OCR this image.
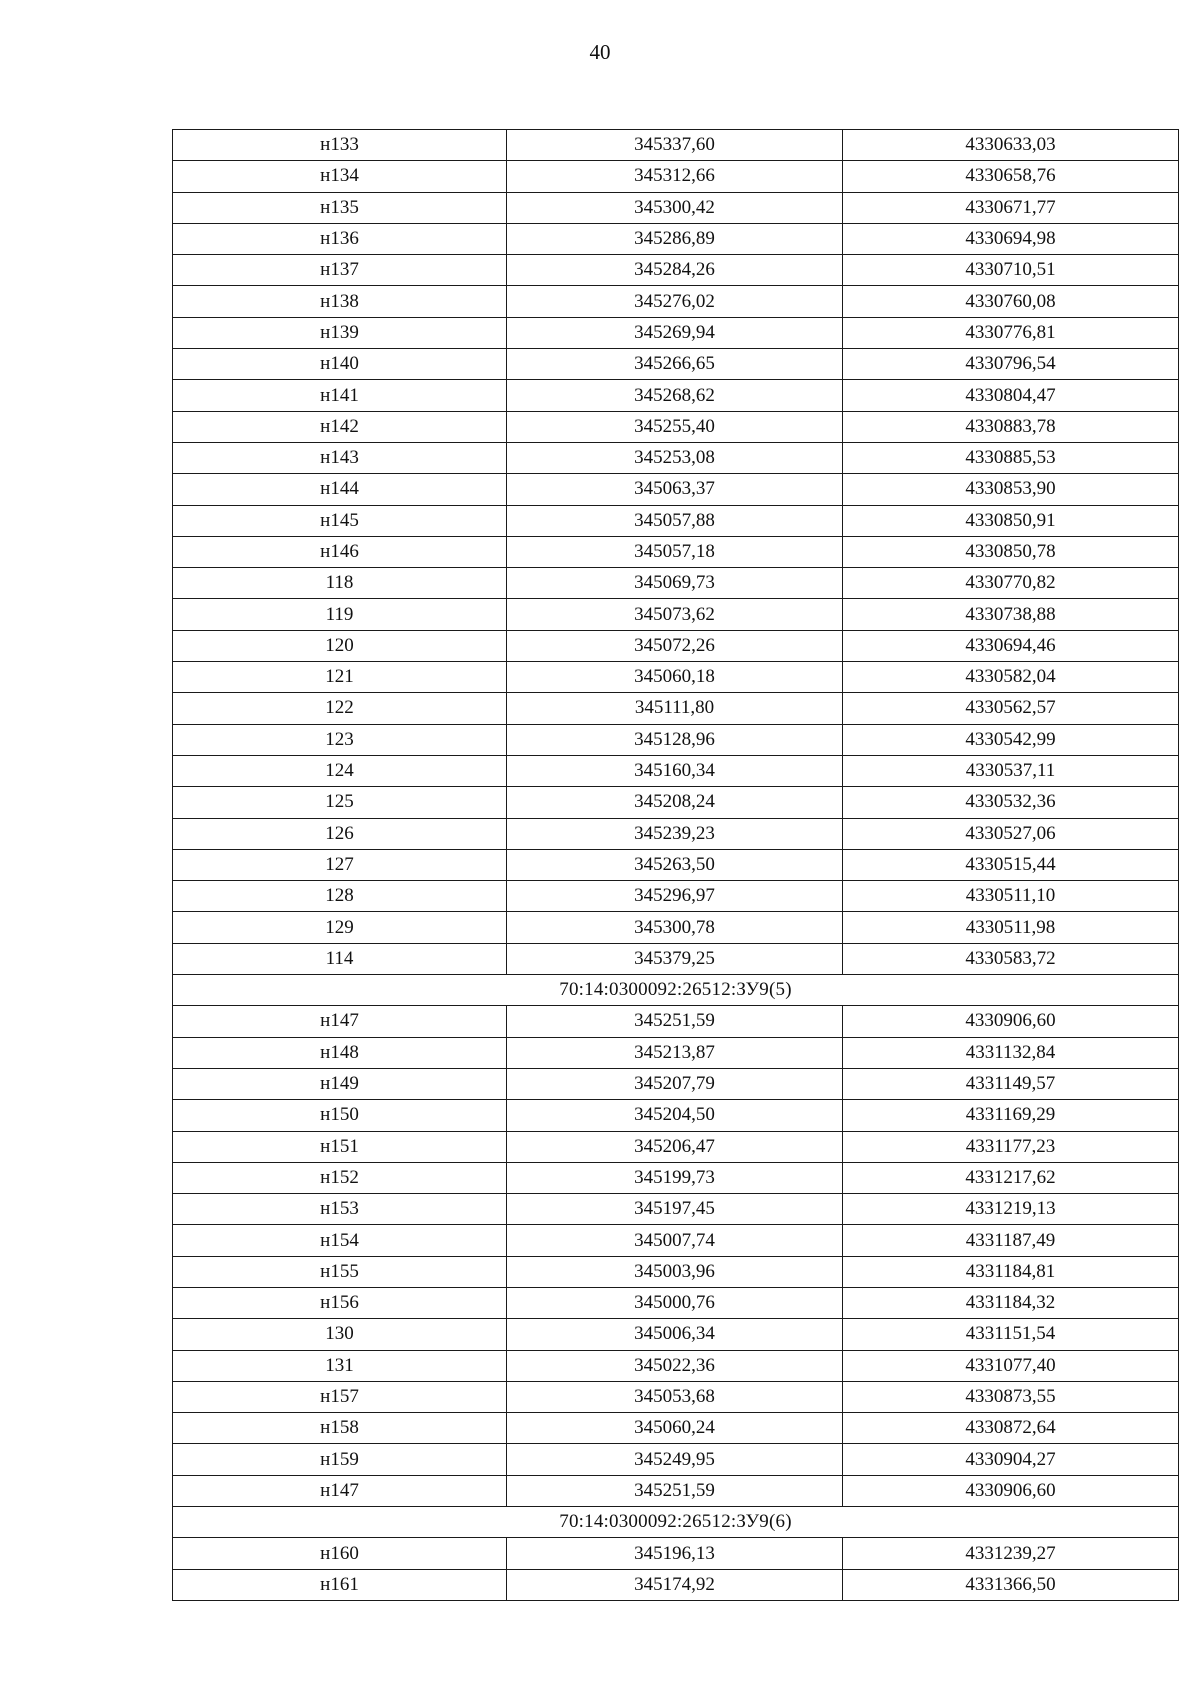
40
н133	345337,60	4330633,03
н134	345312,66	4330658,76
н135	345300,42	4330671,77
н136	345286,89	4330694,98
н137	345284,26	4330710,51
н138	345276,02	4330760,08
н139	345269,94	4330776,81
н140	345266,65	4330796,54
н141	345268,62	4330804,47
н142	345255,40	4330883,78
н143	345253,08	4330885,53
н144	345063,37	4330853,90
н145	345057,88	4330850,91
н146	345057,18	4330850,78
118	345069,73	4330770,82
119	345073,62	4330738,88
120	345072,26	4330694,46
121	345060,18	4330582,04
122	345111,80	4330562,57
123	345128,96	4330542,99
124	345160,34	4330537,11
125	345208,24	4330532,36
126	345239,23	4330527,06
127	345263,50	4330515,44
128	345296,97	4330511,10
129	345300,78	4330511,98
114	345379,25	4330583,72
70:14:0300092:26512:ЗУ9(5)		
н147	345251,59	4330906,60
н148	345213,87	4331132,84
н149	345207,79	4331149,57
н150	345204,50	4331169,29
н151	345206,47	4331177,23
н152	345199,73	4331217,62
н153	345197,45	4331219,13
н154	345007,74	4331187,49
н155	345003,96	4331184,81
н156	345000,76	4331184,32
130	345006,34	4331151,54
131	345022,36	4331077,40
н157	345053,68	4330873,55
н158	345060,24	4330872,64
н159	345249,95	4330904,27
н147	345251,59	4330906,60
70:14:0300092:26512:ЗУ9(6)		
н160	345196,13	4331239,27
н161	345174,92	4331366,50
